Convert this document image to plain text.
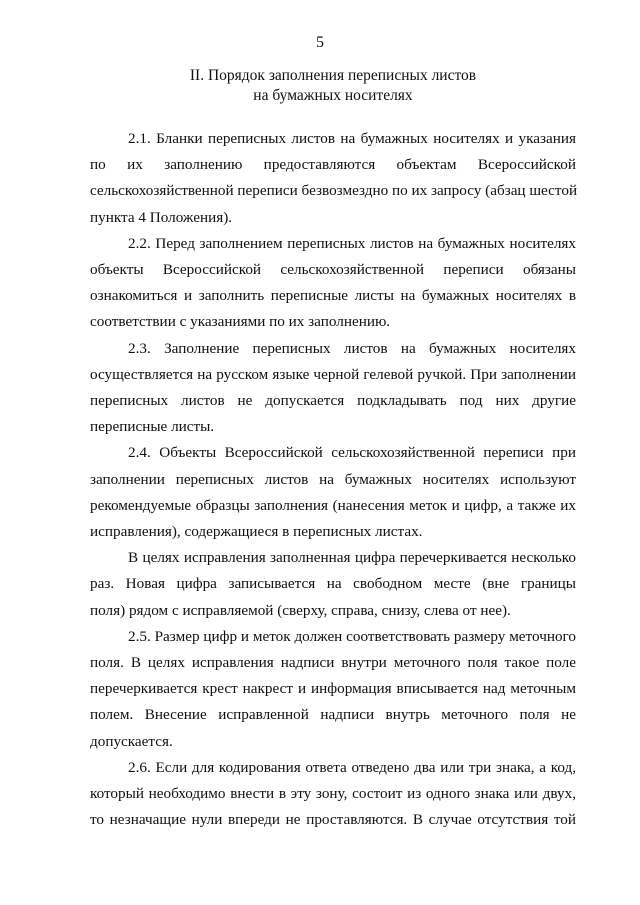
5
II. Порядок заполнения переписных листов
на бумажных носителях

2.1. Бланки переписных листов на бумажных носителях и указания
по их заполнению предоставляются объектам Всероссийской
сельскохозяйственной переписи безвозмездно по их запросу (абзац шестой
пункта 4 Положения).

2.2. Перед заполнением переписных листов на бумажных носителях
объекты Всероссийской сельскохозяйственной переписи обязаны
ознакомиться и заполнить переписные листы на бумажных носителях в
соответствии с указаниями по их заполнению.

2.3. Заполнение переписных листов на бумажных носителях
осуществляется на русском языке черной гелевой ручкой. При заполнении
переписных листов не допускается подкладывать под них другие
переписные листы.

2.4. Объекты Всероссийской сельскохозяйственной переписи при
заполнении переписных листов на бумажных носителях используют
рекомендуемые образцы заполнения (нанесения меток и цифр, а также их
исправления), содержащиеся в переписных листах.

В целях исправления заполненная цифра перечеркивается несколько
раз. Новая цифра записывается на свободном месте (вне границы
поля) рядом с исправляемой (сверху, справа, снизу, слева от нее).

2.5. Размер цифр и меток должен соответствовать размеру меточного
поля. В целях исправления надписи внутри меточного поля такое поле
перечеркивается крест накрест и информация вписывается над меточным
полем. Внесение исправленной надписи внутрь меточного поля не
допускается.

2.6. Если для кодирования ответа отведено два или три знака, а код,
который необходимо внести в эту зону, состоит из одного знака или двух,
то незначащие нули впереди не проставляются. В случае отсутствия той
